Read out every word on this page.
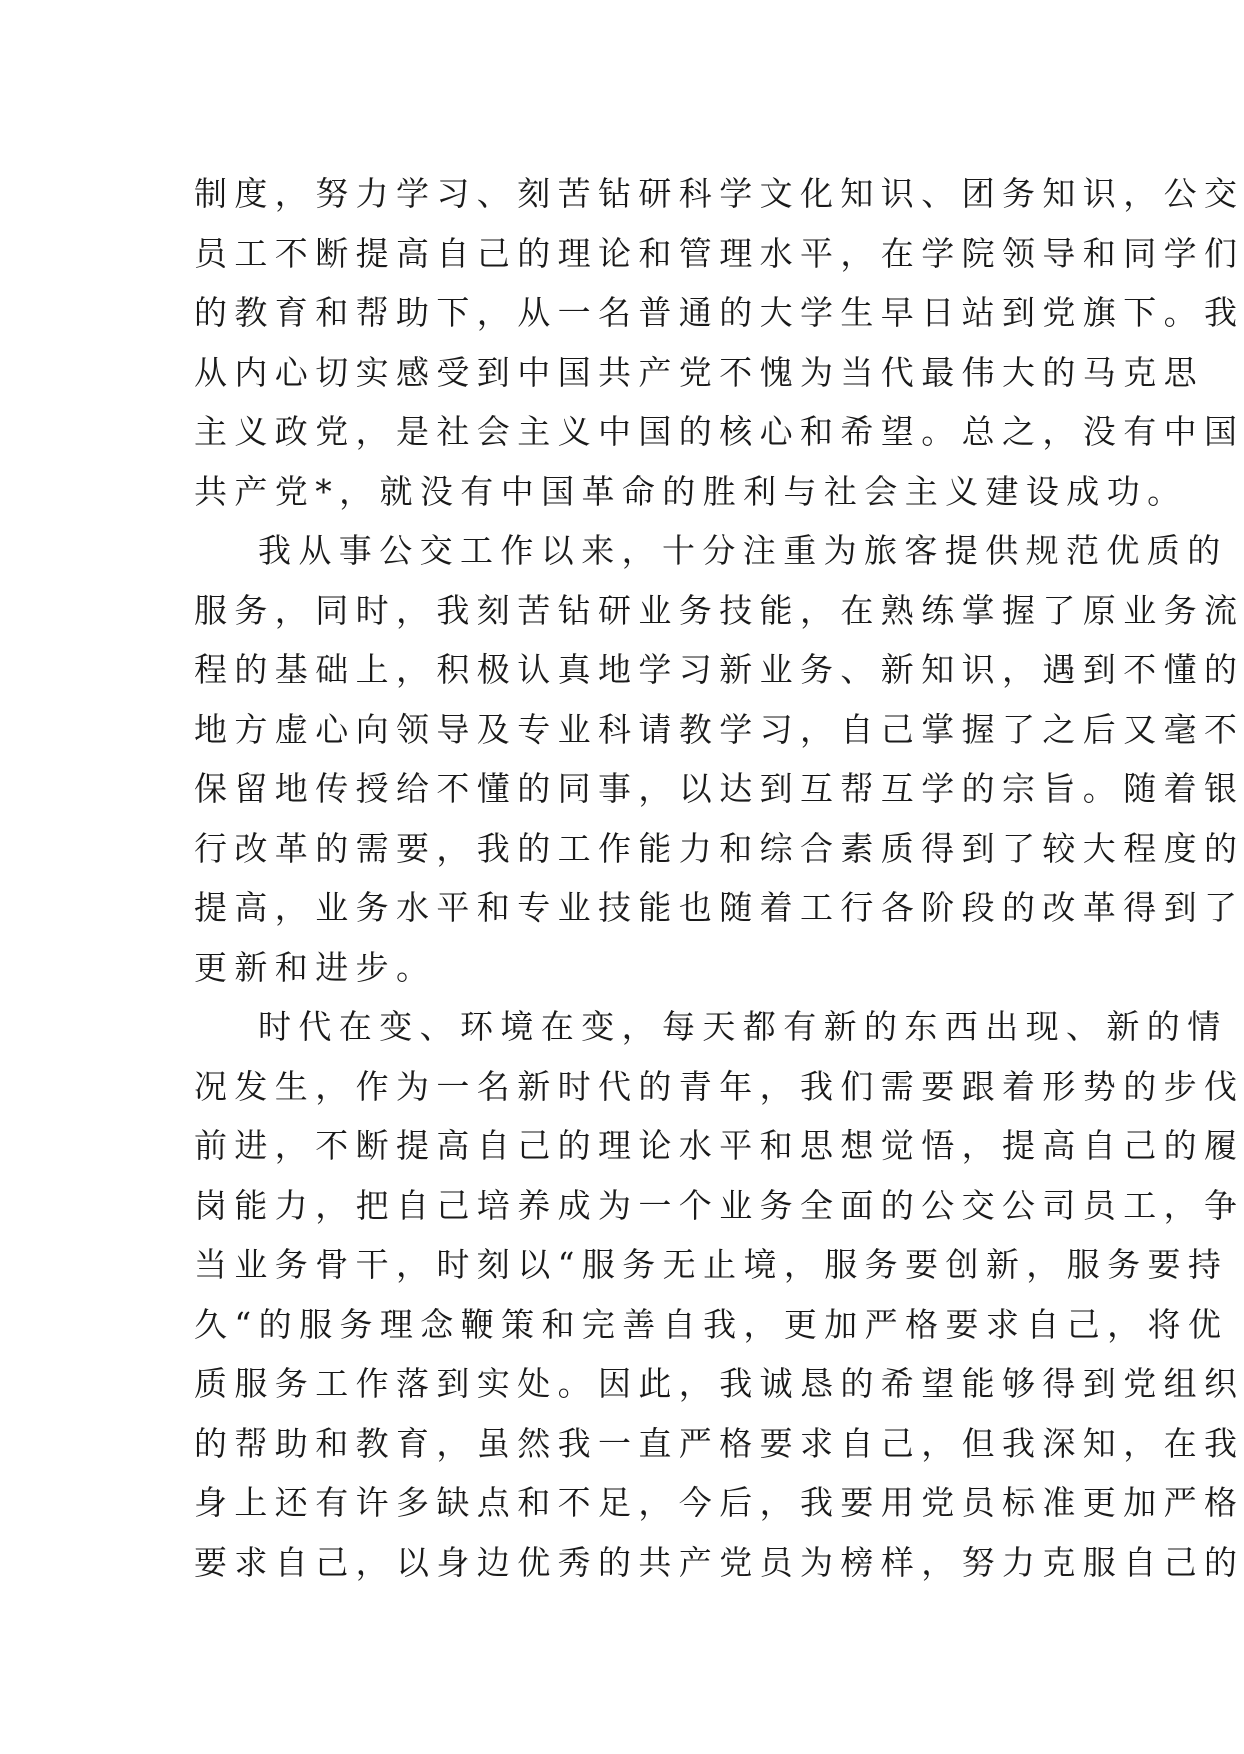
制度，努力学习、刻苦钻研科学文化知识、团务知识，公交
员工不断提高自己的理论和管理水平，在学院领导和同学们
的教育和帮助下，从一名普通的大学生早日站到党旗下。我
从内心切实感受到中国共产党不愧为当代最伟大的马克思
主义政党，是社会主义中国的核心和希望。总之，没有中国
共产党*，就没有中国革命的胜利与社会主义建设成功。
我从事公交工作以来，十分注重为旅客提供规范优质的
服务，同时，我刻苦钻研业务技能，在熟练掌握了原业务流
程的基础上，积极认真地学习新业务、新知识，遇到不懂的
地方虚心向领导及专业科请教学习，自己掌握了之后又毫不
保留地传授给不懂的同事，以达到互帮互学的宗旨。随着银
行改革的需要，我的工作能力和综合素质得到了较大程度的
提高，业务水平和专业技能也随着工行各阶段的改革得到了
更新和进步。
时代在变、环境在变，每天都有新的东西出现、新的情
况发生，作为一名新时代的青年，我们需要跟着形势的步伐
前进，不断提高自己的理论水平和思想觉悟，提高自己的履
岗能力，把自己培养成为一个业务全面的公交公司员工，争
当业务骨干，时刻以“服务无止境，服务要创新，服务要持
久“的服务理念鞭策和完善自我，更加严格要求自己，将优
质服务工作落到实处。因此，我诚恳的希望能够得到党组织
的帮助和教育，虽然我一直严格要求自己，但我深知，在我
身上还有许多缺点和不足，今后，我要用党员标准更加严格
要求自己，以身边优秀的共产党员为榜样，努力克服自己的
